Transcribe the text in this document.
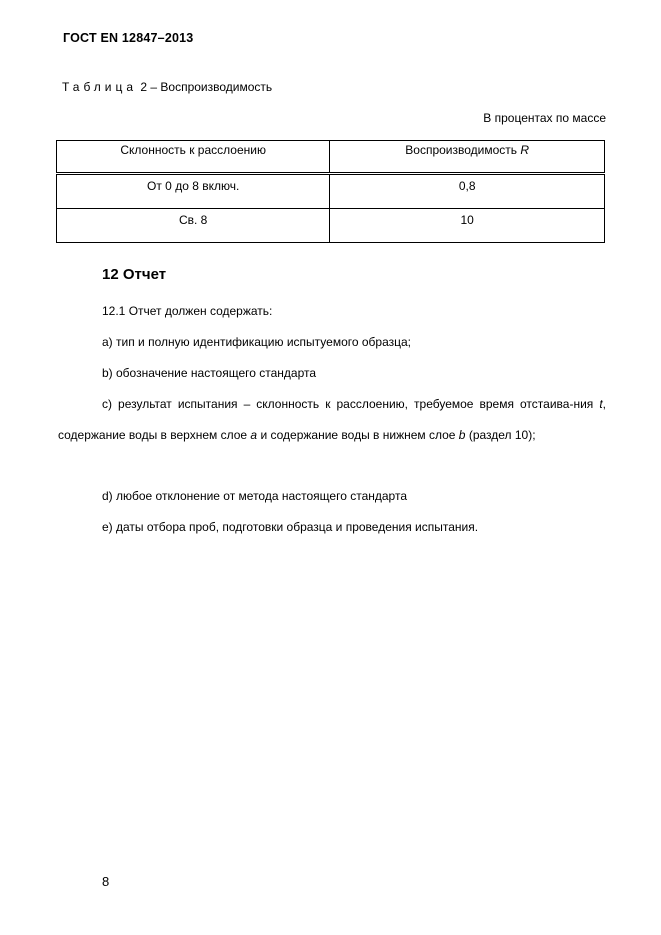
ГОСТ EN 12847–2013
Таблица 2 – Воспроизводимость
В процентах по массе
Склонность к расслоению	Воспроизводимость R
От 0 до 8 включ.	0,8
Св. 8	10
12 Отчет
12.1 Отчет должен содержать:
a) тип и полную идентификацию испытуемого образца;
b) обозначение настоящего стандарта
c) результат испытания – склонность к расслоению, требуемое время отстаива-ния t, содержание воды в верхнем слое a и содержание воды в нижнем слое b (раздел 10);
d) любое отклонение от метода настоящего стандарта
e) даты отбора проб, подготовки образца и проведения испытания.
8
